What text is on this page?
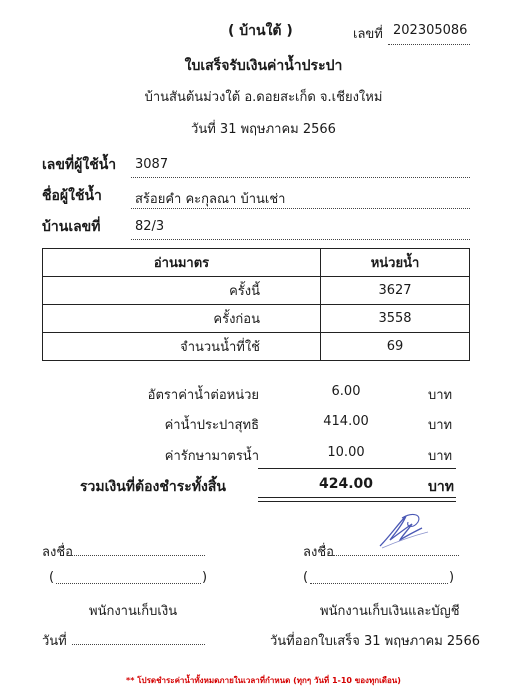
( บ้านใต้ )	เลขที่ 202305086
ใบเสร็จรับเงินค่าน้ำประปา
บ้านสันต้นม่วงใต้ อ.ดอยสะเก็ด จ.เชียงใหม่
วันที่ 31 พฤษภาคม 2566
เลขที่ผู้ใช้น้ำ 3087
ชื่อผู้ใช้น้ำ	สร้อยคำ คะกุลณา บ้านเช่า
บ้านเลขที่	82/3
อ่านมาตร	หน่วยน้ำ
ครั้งนี้	3627
ครั้งก่อน	3558
จำนวนน้ำที่ใช้	69
อัตราค่าน้ำต่อหน่วย	6.00	บาท
ค่าน้ำประปาสุทธิ	414.00	บาท
ค่ารักษามาตรน้ำ	10.00	บาท
รวมเงินที่ต้องชำระทั้งสิ้น	424.00	บาท
ลงชื่อ	ลงชื่อ
(	)	(	)
พนักงานเก็บเงิน	พนักงานเก็บเงินและบัญชี
วันที่	วันที่ออกใบเสร็จ 31 พฤษภาคม 2566
** โปรดชำระค่าน้ำทั้งหมดภายในเวลาที่กำหนด (ทุกๆ วันที่ 1-10 ของทุกเดือน)
